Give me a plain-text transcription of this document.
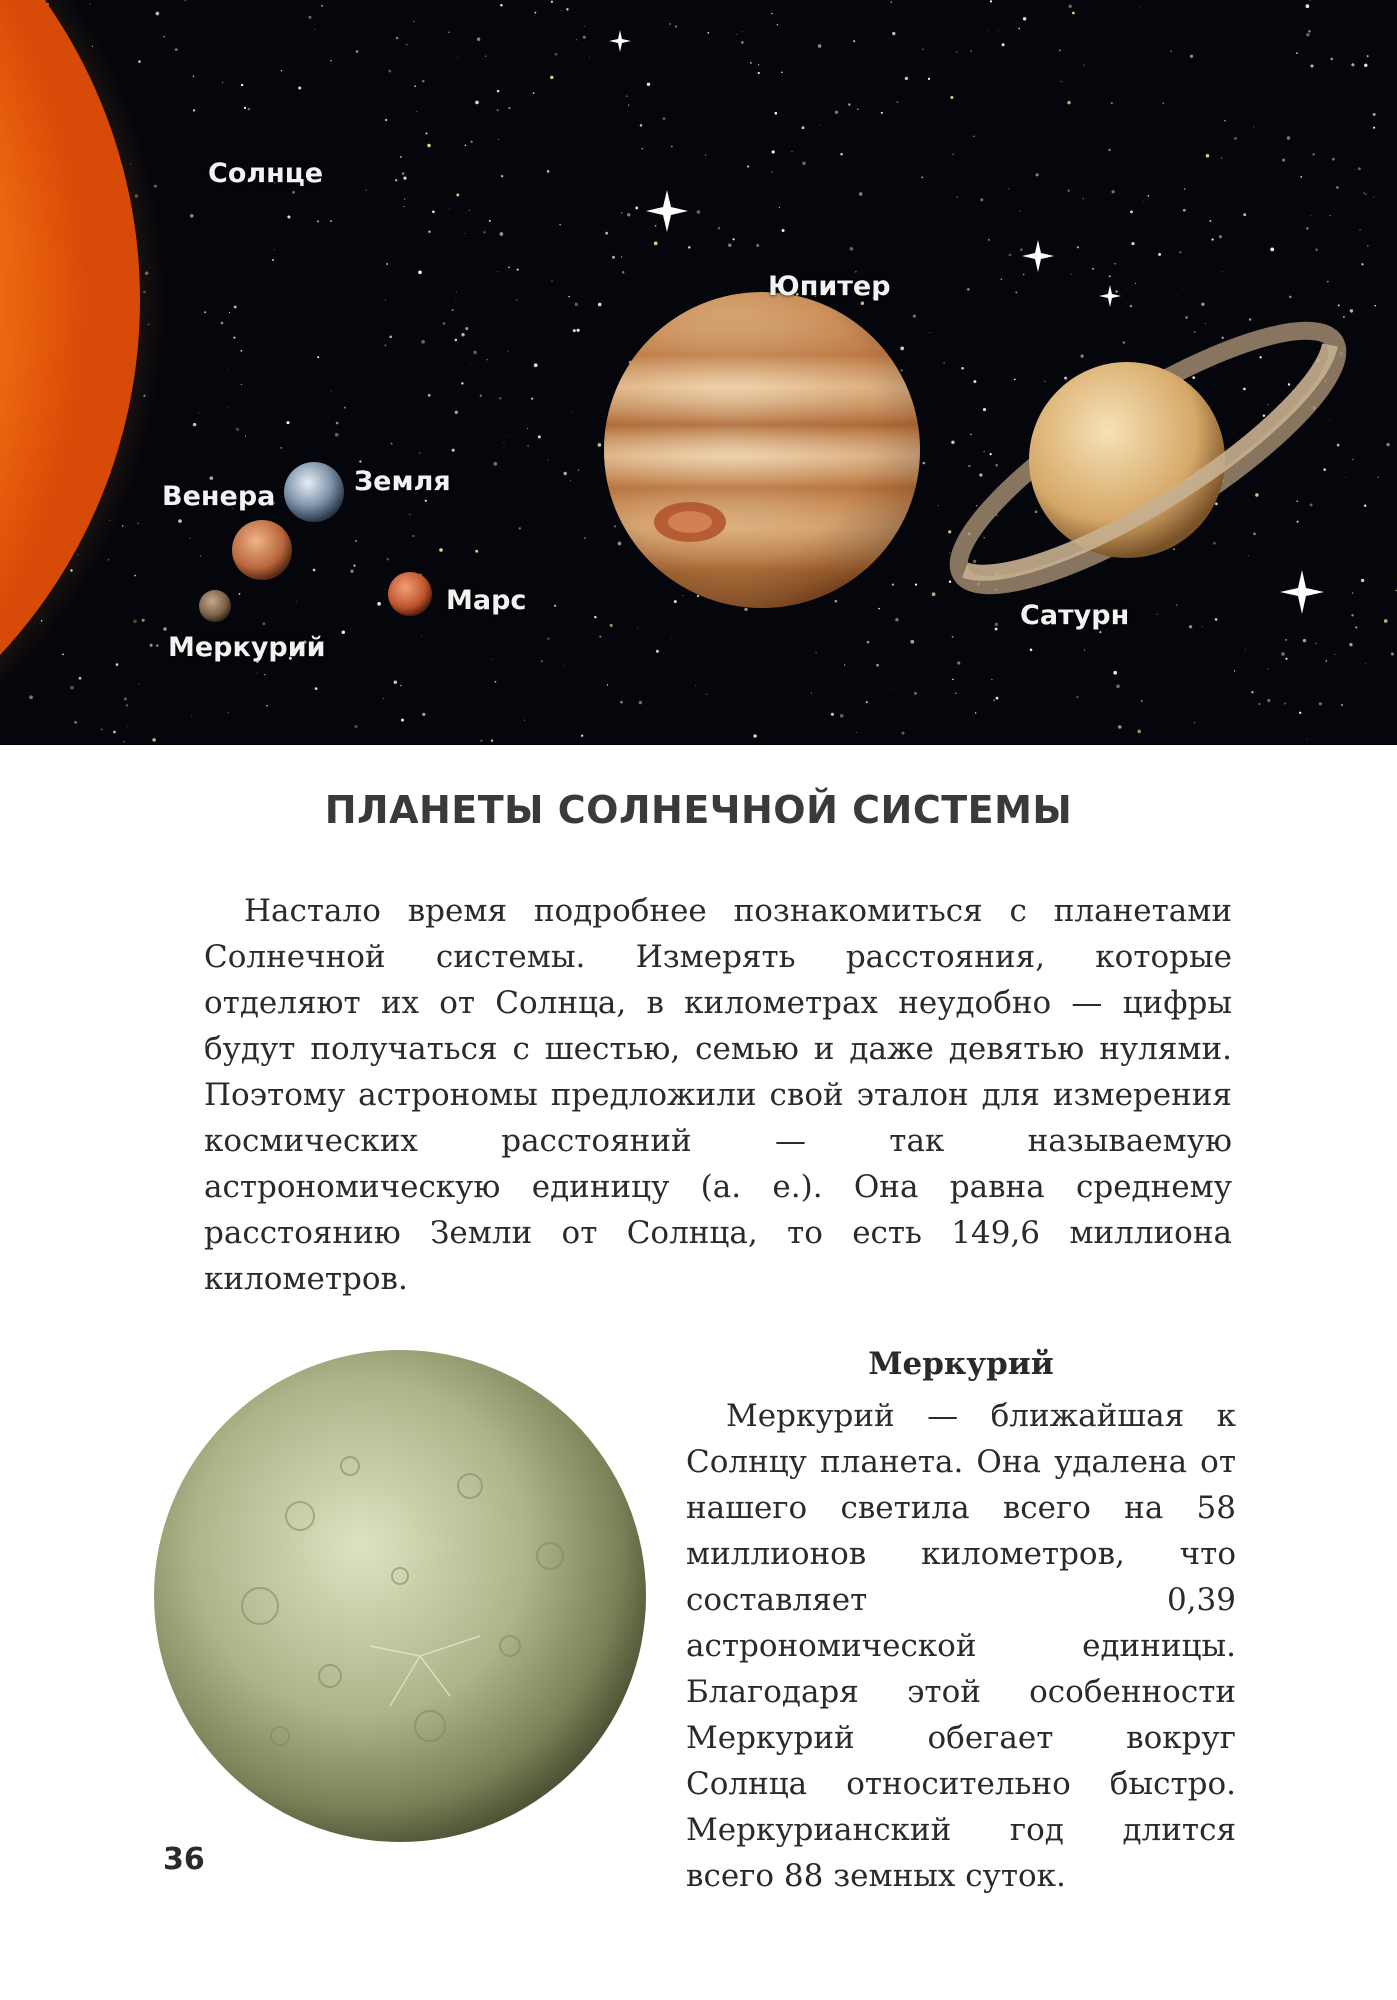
Солнце
Юпитер
Венера	Земля
Марс
Меркурий
Сатурн
ПЛАНЕТЫ СОЛНЕЧНОЙ СИСТЕМЫ

Настало время подробнее познакомиться с планетами Солнечной системы. Измерять расстояния, которые отделяют их от Солнца, в километрах неудобно — цифры будут получаться с шестью, семью и даже девятью нулями. Поэтому астрономы предложили свой эталон для измерения космических расстояний — так называемую астрономическую единицу (а. е.). Она равна среднему расстоянию Земли от Солнца, то есть 149,6 миллиона километров.

Меркурий

Меркурий — ближайшая к Солнцу планета. Она удалена от нашего светила всего на 58 миллионов километров, что составляет 0,39 астрономической единицы. Благодаря этой особенности Меркурий обегает вокруг Солнца относительно быстро. Меркурианский год длится всего 88 земных суток.

36
